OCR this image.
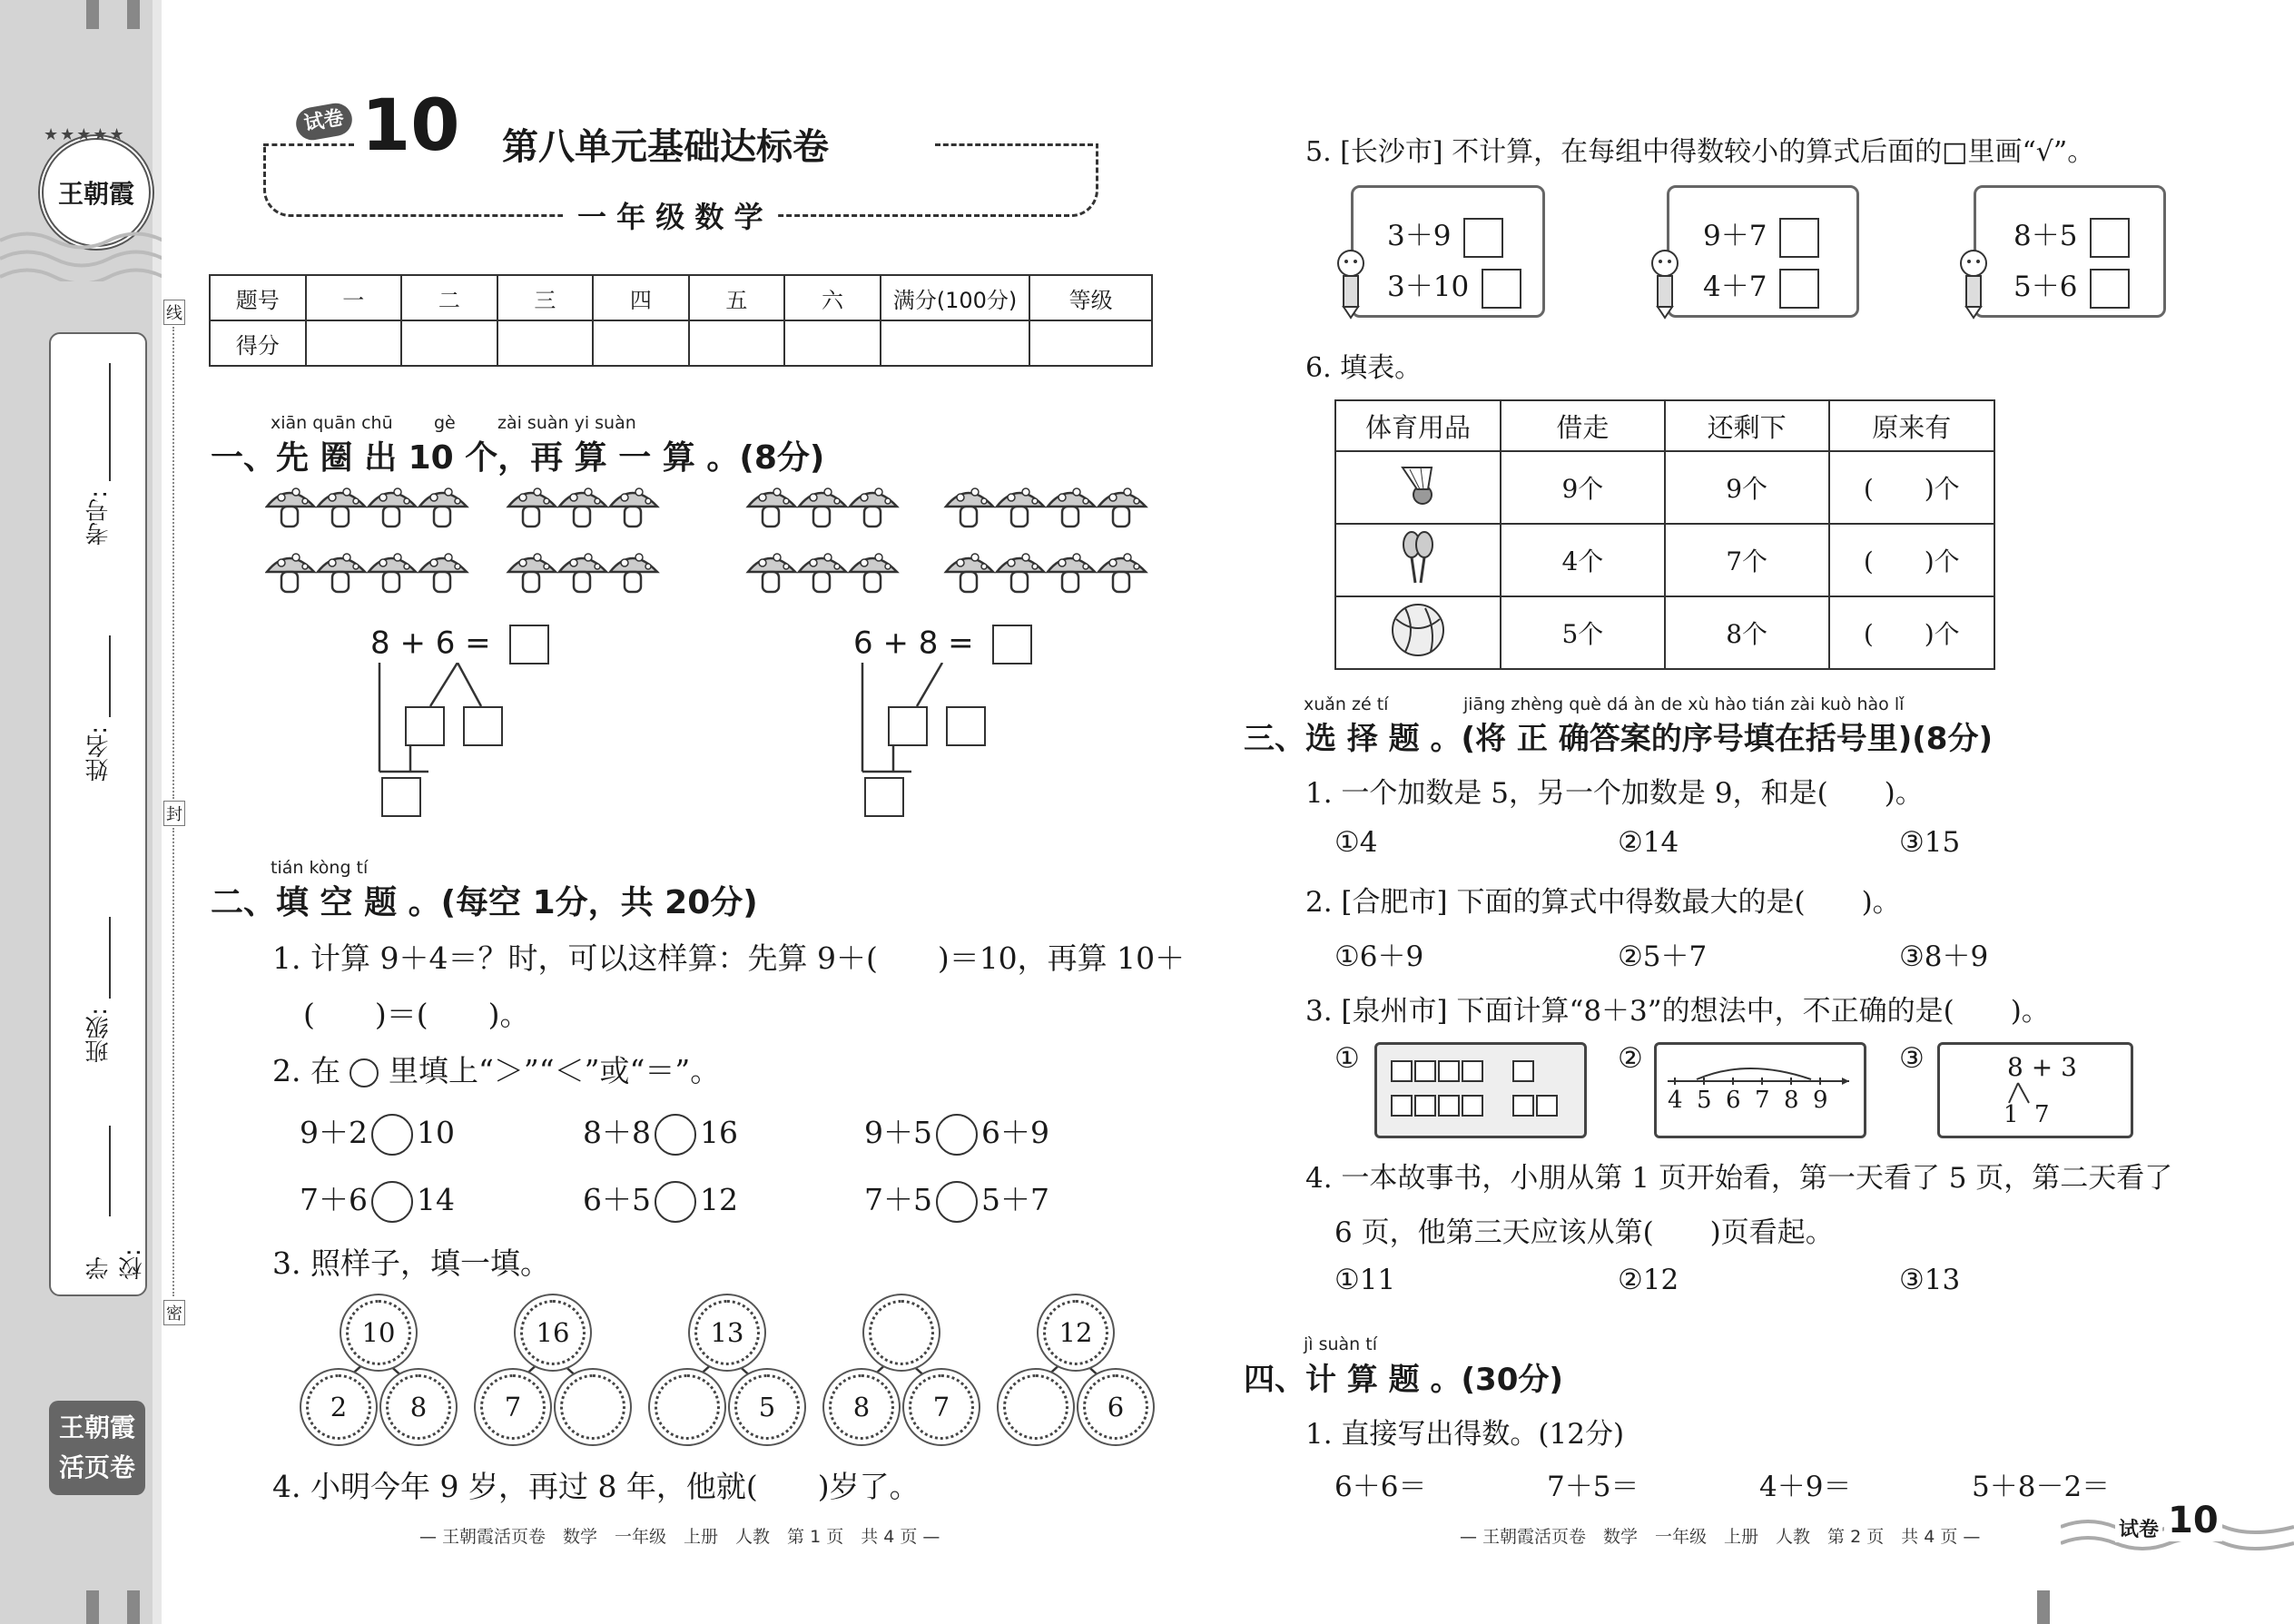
王朝霞
★★★★★
学校:
班级:
姓名:
考号:
线
封
密
王朝霞
活页卷
试卷 10 第八单元基础达标卷
一 年 级 数 学
题号	一	二	三	四	五	六	满分(100分)	等级
得分								
xiān quān chū gè zài suàn yi suàn
一、先 圈 出 10 个，再 算 一 算 。(8分)
8 + 6 =	6 + 8 =
tián kòng tí
二、填 空 题 。(每空 1分，共 20分)
1. 计算 9＋4＝？时，可以这样算：先算 9＋(　　)＝10，再算 10＋
(　　)＝(　　)。
2. 在 里填上“＞”“＜”或“＝”。
9＋2 10	8＋8 16	9＋5 6＋9
7＋6 14	6＋5 12	7＋5 5＋7
3. 照样子，填一填。
10
2	8
16
7
13
5	8	7
12
6
4. 小明今年 9 岁，再过 8 年，他就(　　)岁了。
— 王朝霞活页卷　数学　一年级　上册　人教　第 1 页　共 4 页 —
5. [长沙市] 不计算，在每组中得数较小的算式后面的□里画“√”。
3＋9
3＋10
9＋7
4＋7
8＋5
5＋6
6. 填表。
体育用品	借走	还剩下	原来有
	9个	9个	(　　)个
	4个	7个	(　　)个
	5个	8个	(　　)个
xuǎn zé tí	jiāng zhèng què dá àn de xù hào tián zài kuò hào lǐ
三、选 择 题 。(将 正 确答案的序号填在括号里)(8分)
1. 一个加数是 5，另一个加数是 9，和是(　　)。
①4	②14	③15
2. [合肥市] 下面的算式中得数最大的是(　　)。
①6＋9	②5＋7	③8＋9
3. [泉州市] 下面计算“8＋3”的想法中，不正确的是(　　)。
①	②
4 5 6 7 8 9
③	8 + 3
1 7
4. 一本故事书，小朋从第 1 页开始看，第一天看了 5 页，第二天看了
6 页，他第三天应该从第(　　)页看起。
①11	②12	③13
jì suàn tí
四、计 算 题 。(30分)
1. 直接写出得数。(12分)
6＋6＝	7＋5＝	4＋9＝	5＋8－2＝
— 王朝霞活页卷　数学　一年级　上册　人教　第 2 页　共 4 页 —	试卷 10
